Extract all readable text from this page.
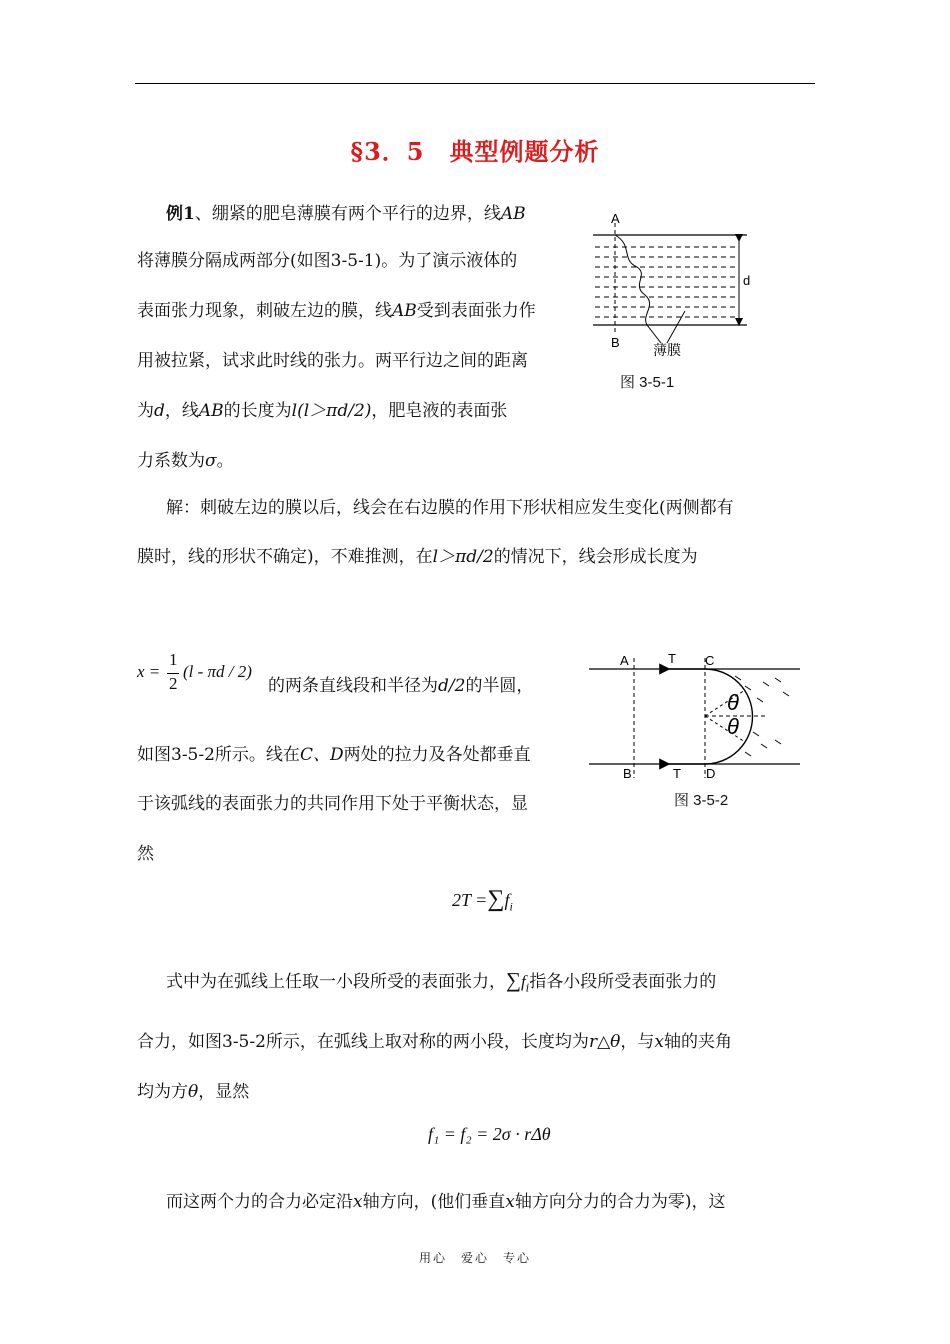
§3．5　典型例题分析
例1、绷紧的肥皂薄膜有两个平行的边界，线AB
将薄膜分隔成两部分(如图3-5-1)。为了演示液体的
表面张力现象，刺破左边的膜，线AB受到表面张力作
用被拉紧，试求此时线的张力。两平行边之间的距离
为d，线AB的长度为l(l＞πd/2)，肥皂液的表面张
力系数为σ。
A
B
d
薄膜
图 3-5-1
解：刺破左边的膜以后，线会在右边膜的作用下形状相应发生变化(两侧都有
膜时，线的形状不确定)，不难推测，在l＞πd/2的情况下，线会形成长度为
x =
1
2
(l - πd / 2)
的两条直线段和半径为d/2的半圆，
如图3-5-2所示。线在C、D两处的拉力及各处都垂直
于该弧线的表面张力的共同作用下处于平衡状态，显
然
θ
θ
A	T C
B	T D
图 3-5-2
$2T =\sum f_i$
式中为在弧线上任取一小段所受的表面张力，$\sum f_i$指各小段所受表面张力的
合力，如图3-5-2所示，在弧线上取对称的两小段，长度均为r△θ，与x轴的夹角
均为方θ，显然
f₁ = f₂ = 2σ · rΔθ
而这两个力的合力必定沿x轴方向，(他们垂直x轴方向分力的合力为零)，这
用心　爱心　专心
